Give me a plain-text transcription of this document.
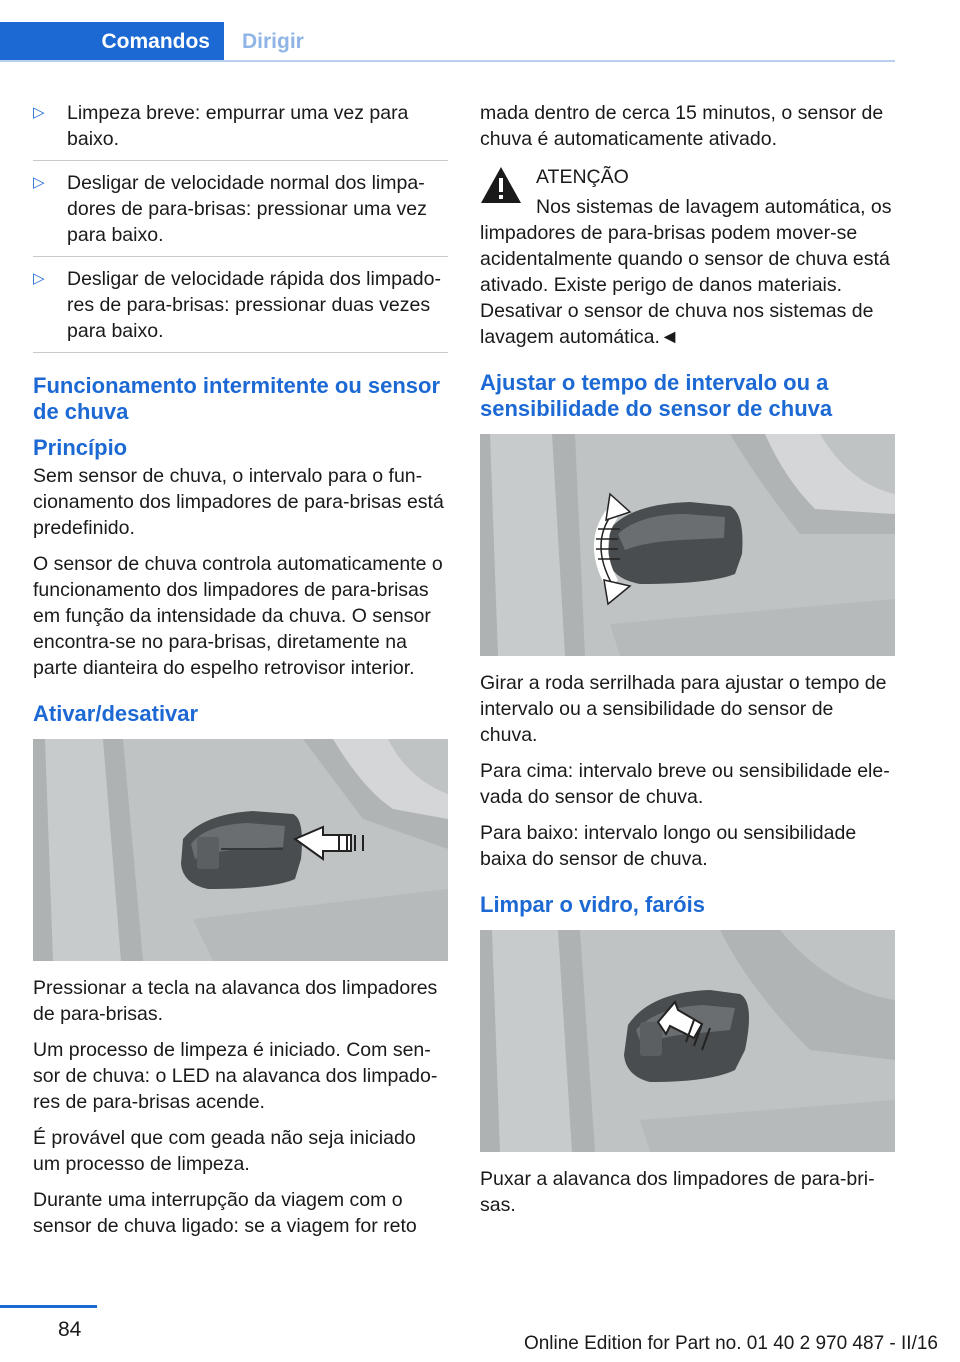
Comandos	Dirigir
▷ Limpeza breve: empurrar uma vez para baixo.
▷ Desligar de velocidade normal dos limpadores de para-brisas: pressionar uma vez para baixo.
▷ Desligar de velocidade rápida dos limpadores de para-brisas: pressionar duas vezes para baixo.
Funcionamento intermitente ou sensor de chuva
Princípio

Sem sensor de chuva, o intervalo para o funcionamento dos limpadores de para-brisas está predefinido.

O sensor de chuva controla automaticamente o funcionamento dos limpadores de para-brisas em função da intensidade da chuva. O sensor encontra-se no para-brisas, diretamente na parte dianteira do espelho retrovisor interior.

Ativar/desativar

Pressionar a tecla na alavanca dos limpadores de para-brisas.

Um processo de limpeza é iniciado. Com sensor de chuva: o LED na alavanca dos limpadores de para-brisas acende.

É provável que com geada não seja iniciado um processo de limpeza.

Durante uma interrupção da viagem com o sensor de chuva ligado: se a viagem for reto

mada dentro de cerca 15 minutos, o sensor de chuva é automaticamente ativado.

ATENÇÃO

Nos sistemas de lavagem automática, os limpadores de para-brisas podem mover-se acidentalmente quando o sensor de chuva está ativado. Existe perigo de danos materiais. Desativar o sensor de chuva nos sistemas de lavagem automática.◄

Ajustar o tempo de intervalo ou a sensibilidade do sensor de chuva

Girar a roda serrilhada para ajustar o tempo de intervalo ou a sensibilidade do sensor de chuva.

Para cima: intervalo breve ou sensibilidade elevada do sensor de chuva.

Para baixo: intervalo longo ou sensibilidade baixa do sensor de chuva.

Limpar o vidro, faróis

Puxar a alavanca dos limpadores de para-brisas.

84
Online Edition for Part no. 01 40 2 970 487 - II/16
